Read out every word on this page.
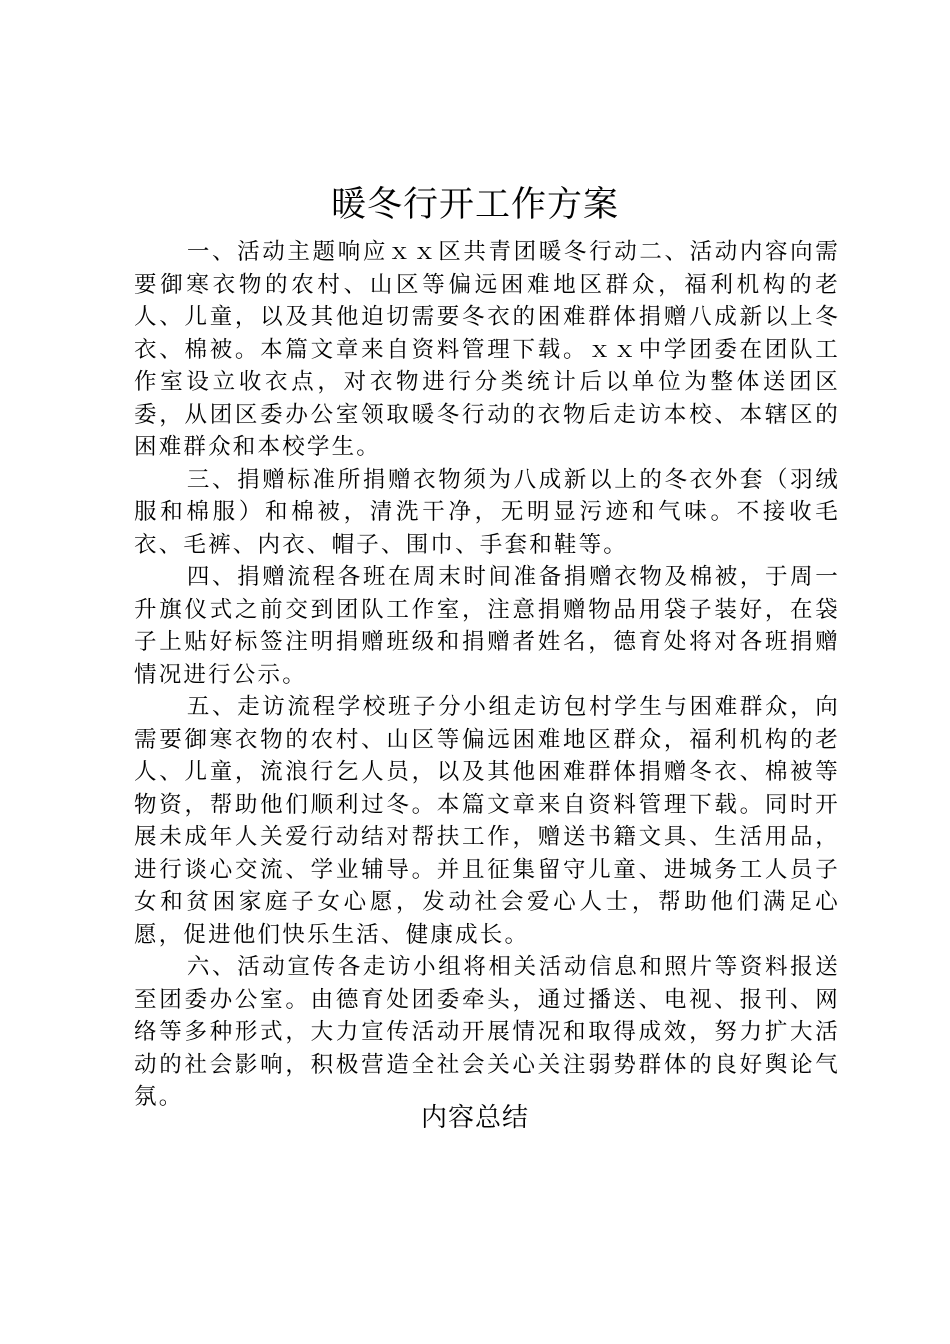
暖冬行开工作方案

一、活动主题响应ｘｘ区共青团暖冬行动二、活动内容向需要御寒衣物的农村、山区等偏远困难地区群众，福利机构的老人、儿童，以及其他迫切需要冬衣的困难群体捐赠八成新以上冬衣、棉被。本篇文章来自资料管理下载。ｘｘ中学团委在团队工作室设立收衣点，对衣物进行分类统计后以单位为整体送团区委，从团区委办公室领取暖冬行动的衣物后走访本校、本辖区的困难群众和本校学生。

三、捐赠标准所捐赠衣物须为八成新以上的冬衣外套（羽绒服和棉服）和棉被，清洗干净，无明显污迹和气味。不接收毛衣、毛裤、内衣、帽子、围巾、手套和鞋等。

四、捐赠流程各班在周末时间准备捐赠衣物及棉被，于周一升旗仪式之前交到团队工作室，注意捐赠物品用袋子装好，在袋子上贴好标签注明捐赠班级和捐赠者姓名，德育处将对各班捐赠情况进行公示。

五、走访流程学校班子分小组走访包村学生与困难群众，向需要御寒衣物的农村、山区等偏远困难地区群众，福利机构的老人、儿童，流浪行乞人员，以及其他困难群体捐赠冬衣、棉被等物资，帮助他们顺利过冬。本篇文章来自资料管理下载。同时开展未成年人关爱行动结对帮扶工作，赠送书籍文具、生活用品，进行谈心交流、学业辅导。并且征集留守儿童、进城务工人员子女和贫困家庭子女心愿，发动社会爱心人士，帮助他们满足心愿，促进他们快乐生活、健康成长。

六、活动宣传各走访小组将相关活动信息和照片等资料报送至团委办公室。由德育处团委牵头，通过播送、电视、报刊、网络等多种形式，大力宣传活动开展情况和取得成效，努力扩大活动的社会影响，积极营造全社会关心关注弱势群体的良好舆论气氛。

内容总结
